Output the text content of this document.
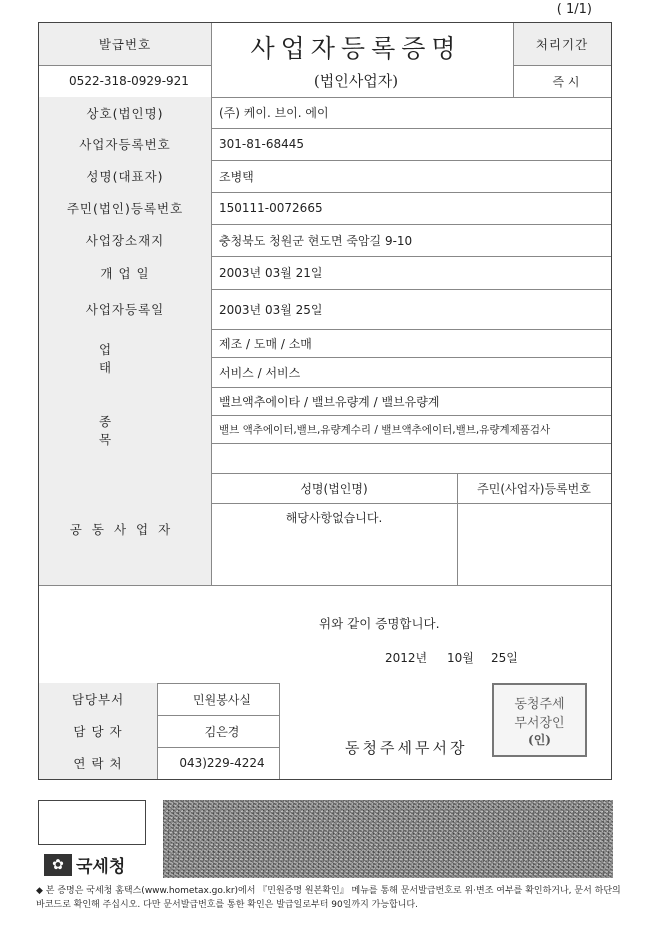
( 1/1)
발급번호
0522-318-0929-921
사업자등록증명
(법인사업자)
처리기간
즉 시
상호(법인명)	(주) 케이. 브이. 에이
사업자등록번호	301-81-68445
성명(대표자)	조병택
주민(법인)등록번호	150111-0072665
사업장소재지	충청북도 청원군 현도면 죽암길 9-10
개 업 일	2003년 03월 21일
사업자등록일	2003년 03월 25일
업 태
제조 / 도매 / 소매
서비스 / 서비스
종 목
밸브액추에이타 / 밸브유량계 / 밸브유량계
밸브 액추에이터,밸브,유량계수리 / 밸브액추에이터,밸브,유량계제품검사
공동사업자
성명(법인명)	주민(사업자)등록번호
해당사항없습니다.
위와 같이 증명합니다.
2012년	10월	25일
담당부서	민원봉사실
담 당 자	김은경
연 락 처	043)229-4224
동청주세무서장
동청주세
무서장인
(인)
✿ 국세청
◆ 본 증명은 국세청 홈택스(www.hometax.go.kr)에서 『민원증명 원본확인』 메뉴를 통해 문서발급번호로 위·변조 여부를 확인하거나, 문서 하단의 바코드로 확인해 주십시오. 다만 문서발급번호를 통한 확인은 발급일로부터 90일까지 가능합니다.
